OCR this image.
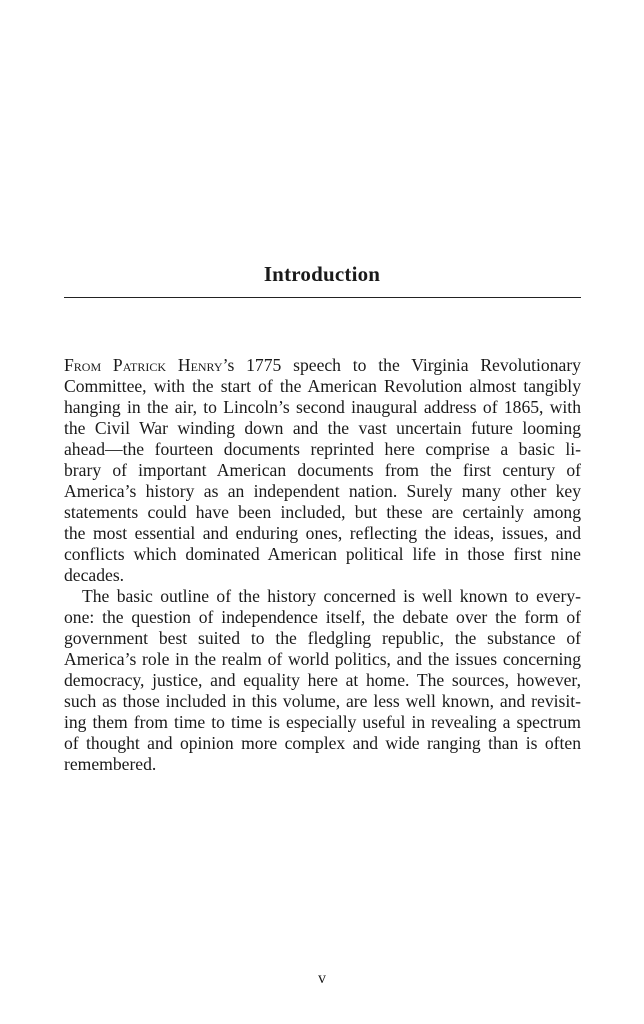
Introduction
From Patrick Henry’s 1775 speech to the Virginia Revolutionary
Committee, with the start of the American Revolution almost tangibly
hanging in the air, to Lincoln’s second inaugural address of 1865, with
the Civil War winding down and the vast uncertain future looming
ahead—the fourteen documents reprinted here comprise a basic li-
brary of important American documents from the first century of
America’s history as an independent nation. Surely many other key
statements could have been included, but these are certainly among
the most essential and enduring ones, reflecting the ideas, issues, and
conflicts which dominated American political life in those first nine
decades.
The basic outline of the history concerned is well known to every-
one: the question of independence itself, the debate over the form of
government best suited to the fledgling republic, the substance of
America’s role in the realm of world politics, and the issues concerning
democracy, justice, and equality here at home. The sources, however,
such as those included in this volume, are less well known, and revisit-
ing them from time to time is especially useful in revealing a spectrum
of thought and opinion more complex and wide ranging than is often
remembered.
v
